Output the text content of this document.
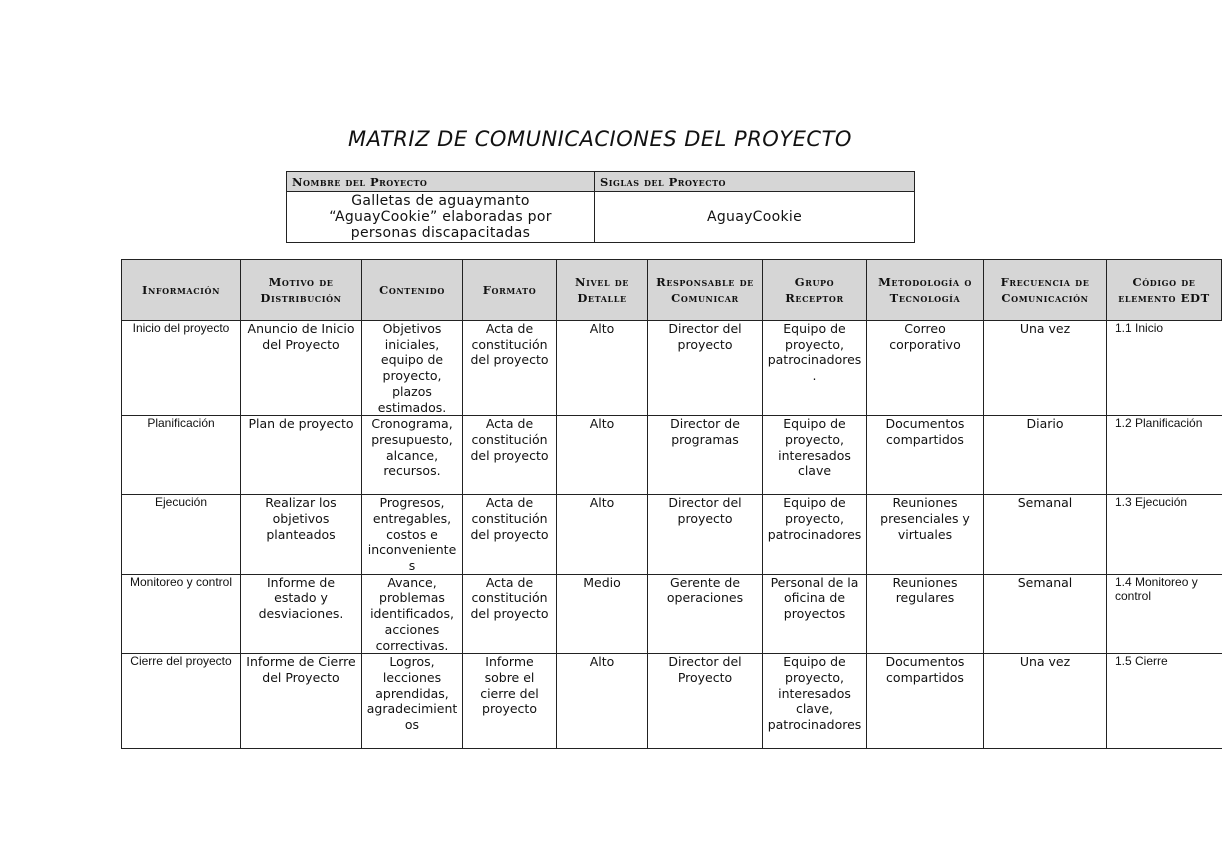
MATRIZ DE COMUNICACIONES DEL PROYECTO
Nombre del Proyecto	Siglas del Proyecto
Galletas de aguaymanto “AguayCookie” elaboradas por personas discapacitadas	AguayCookie
Información	Motivo de Distribución	Contenido	Formato	Nivel de Detalle	Responsable de Comunicar	Grupo Receptor	Metodología o Tecnología	Frecuencia de Comunicación	Código de elemento EDT
Inicio del proyecto	Anuncio de Inicio del Proyecto	Objetivos iniciales, equipo de proyecto, plazos estimados.	Acta de constitución del proyecto	Alto	Director del proyecto	Equipo de proyecto, patrocinadores.	Correo corporativo	Una vez	1.1 Inicio
Planificación	Plan de proyecto	Cronograma, presupuesto, alcance, recursos.	Acta de constitución del proyecto	Alto	Director de programas	Equipo de proyecto, interesados clave	Documentos compartidos	Diario	1.2 Planificación
Ejecución	Realizar los objetivos planteados	Progresos, entregables, costos e inconvenientes	Acta de constitución del proyecto	Alto	Director del proyecto	Equipo de proyecto, patrocinadores	Reuniones presenciales y virtuales	Semanal	1.3 Ejecución
Monitoreo y control	Informe de estado y desviaciones.	Avance, problemas identificados, acciones correctivas.	Acta de constitución del proyecto	Medio	Gerente de operaciones	Personal de la oficina de proyectos	Reuniones regulares	Semanal	1.4 Monitoreo y control
Cierre del proyecto	Informe de Cierre del Proyecto	Logros, lecciones aprendidas, agradecimientos	Informe sobre el cierre del proyecto	Alto	Director del Proyecto	Equipo de proyecto, interesados clave, patrocinadores	Documentos compartidos	Una vez	1.5 Cierre
